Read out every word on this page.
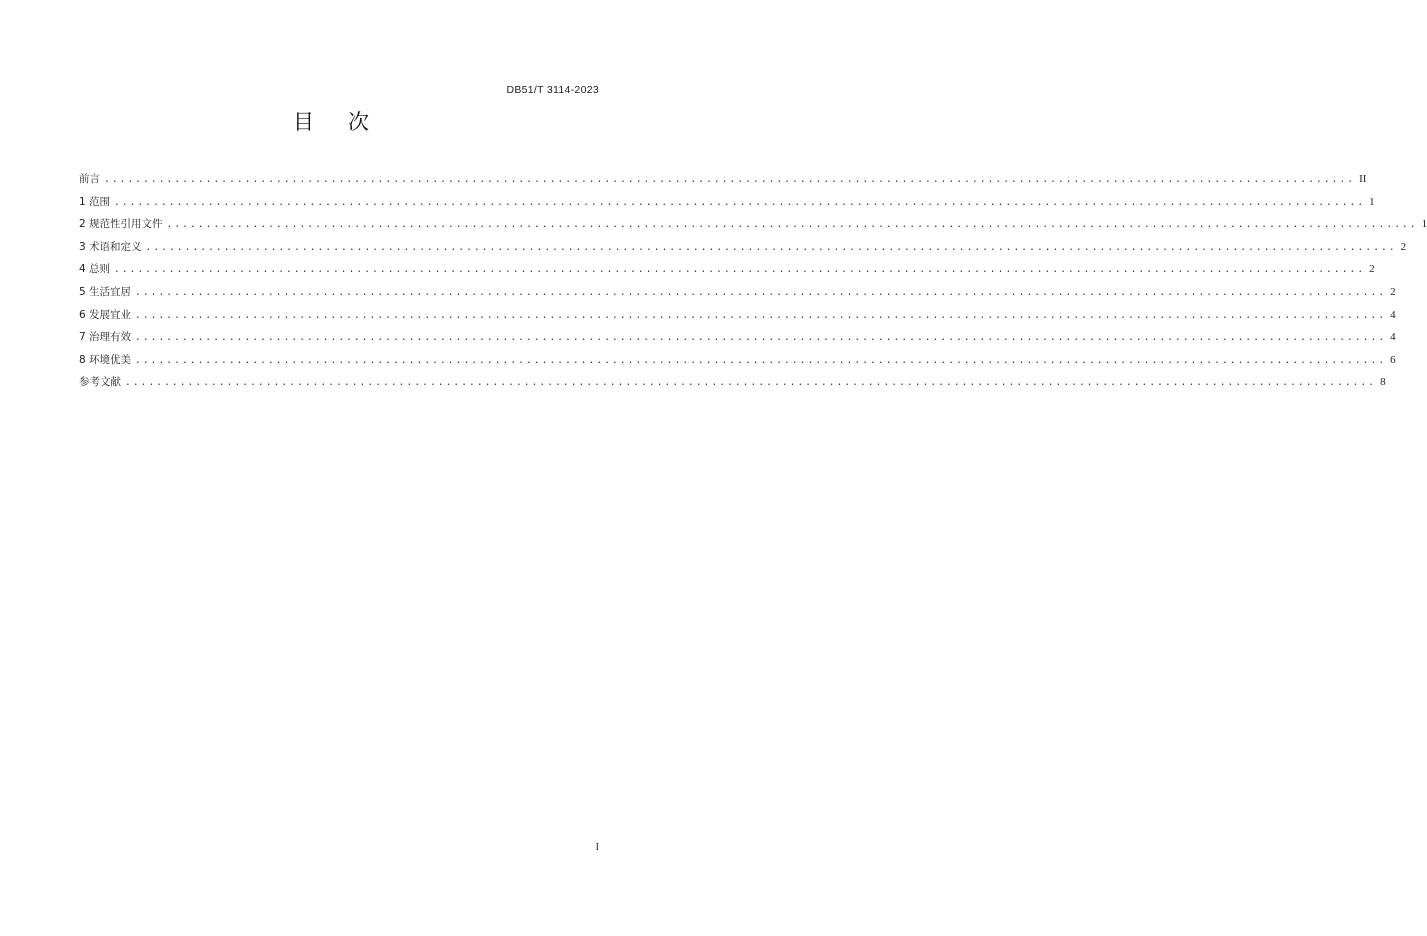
DB51/T 3114-2023
目次
前言 ................................................................................................................................................................ II
1 范围 ................................................................................................................................................................ 1
2 规范性引用文件 ................................................................................................................................................................ 1
3 术语和定义 ................................................................................................................................................................ 2
4 总则 ................................................................................................................................................................ 2
5 生活宜居 ................................................................................................................................................................ 2
6 发展宜业 ................................................................................................................................................................ 4
7 治理有效 ................................................................................................................................................................ 4
8 环境优美 ................................................................................................................................................................ 6
参考文献 ................................................................................................................................................................ 8
I
